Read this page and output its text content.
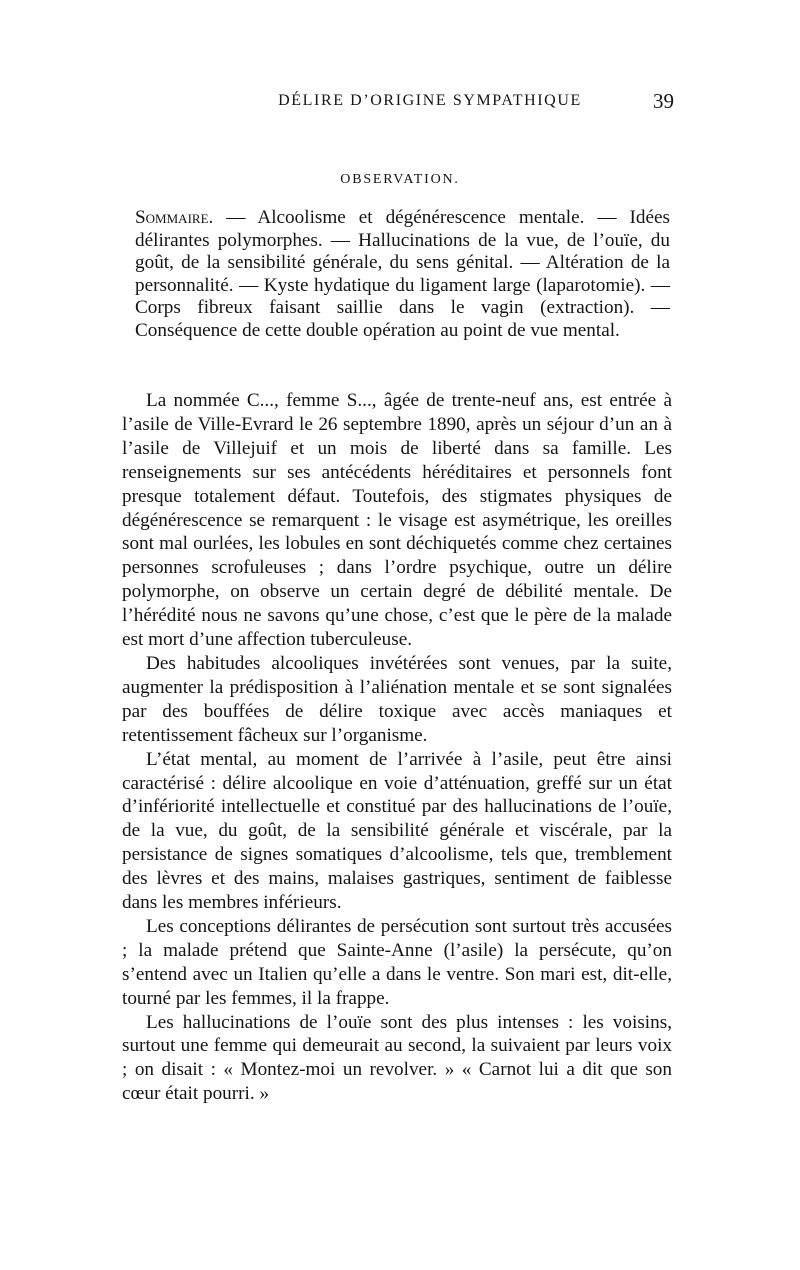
DÉLIRE D’ORIGINE SYMPATHIQUE	39
OBSERVATION.
Sommaire. — Alcoolisme et dégénérescence mentale. — Idées délirantes polymorphes. — Hallucinations de la vue, de l’ouïe, du goût, de la sensibilité générale, du sens génital. — Altération de la personnalité. — Kyste hydatique du ligament large (laparotomie). — Corps fibreux faisant saillie dans le vagin (extraction). — Conséquence de cette double opération au point de vue mental.

La nommée C..., femme S..., âgée de trente-neuf ans, est entrée à l’asile de Ville-Evrard le 26 septembre 1890, après un séjour d’un an à l’asile de Villejuif et un mois de liberté dans sa famille. Les renseignements sur ses antécédents héréditaires et personnels font presque totalement défaut. Toutefois, des stigmates physiques de dégénérescence se remarquent : le visage est asymétrique, les oreilles sont mal ourlées, les lobules en sont déchiquetés comme chez certaines personnes scrofuleuses ; dans l’ordre psychique, outre un délire polymorphe, on observe un certain degré de débilité mentale. De l’hérédité nous ne savons qu’une chose, c’est que le père de la malade est mort d’une affection tuberculeuse.

Des habitudes alcooliques invétérées sont venues, par la suite, augmenter la prédisposition à l’aliénation mentale et se sont signalées par des bouffées de délire toxique avec accès maniaques et retentissement fâcheux sur l’organisme.

L’état mental, au moment de l’arrivée à l’asile, peut être ainsi caractérisé : délire alcoolique en voie d’atténuation, greffé sur un état d’infériorité intellectuelle et constitué par des hallucinations de l’ouïe, de la vue, du goût, de la sensibilité générale et viscérale, par la persistance de signes somatiques d’alcoolisme, tels que, tremblement des lèvres et des mains, malaises gastriques, sentiment de faiblesse dans les membres inférieurs.

Les conceptions délirantes de persécution sont surtout très accusées ; la malade prétend que Sainte-Anne (l’asile) la persécute, qu’on s’entend avec un Italien qu’elle a dans le ventre. Son mari est, dit-elle, tourné par les femmes, il la frappe.

Les hallucinations de l’ouïe sont des plus intenses : les voisins, surtout une femme qui demeurait au second, la suivaient par leurs voix ; on disait : « Montez-moi un revolver. » « Carnot lui a dit que son cœur était pourri. »
